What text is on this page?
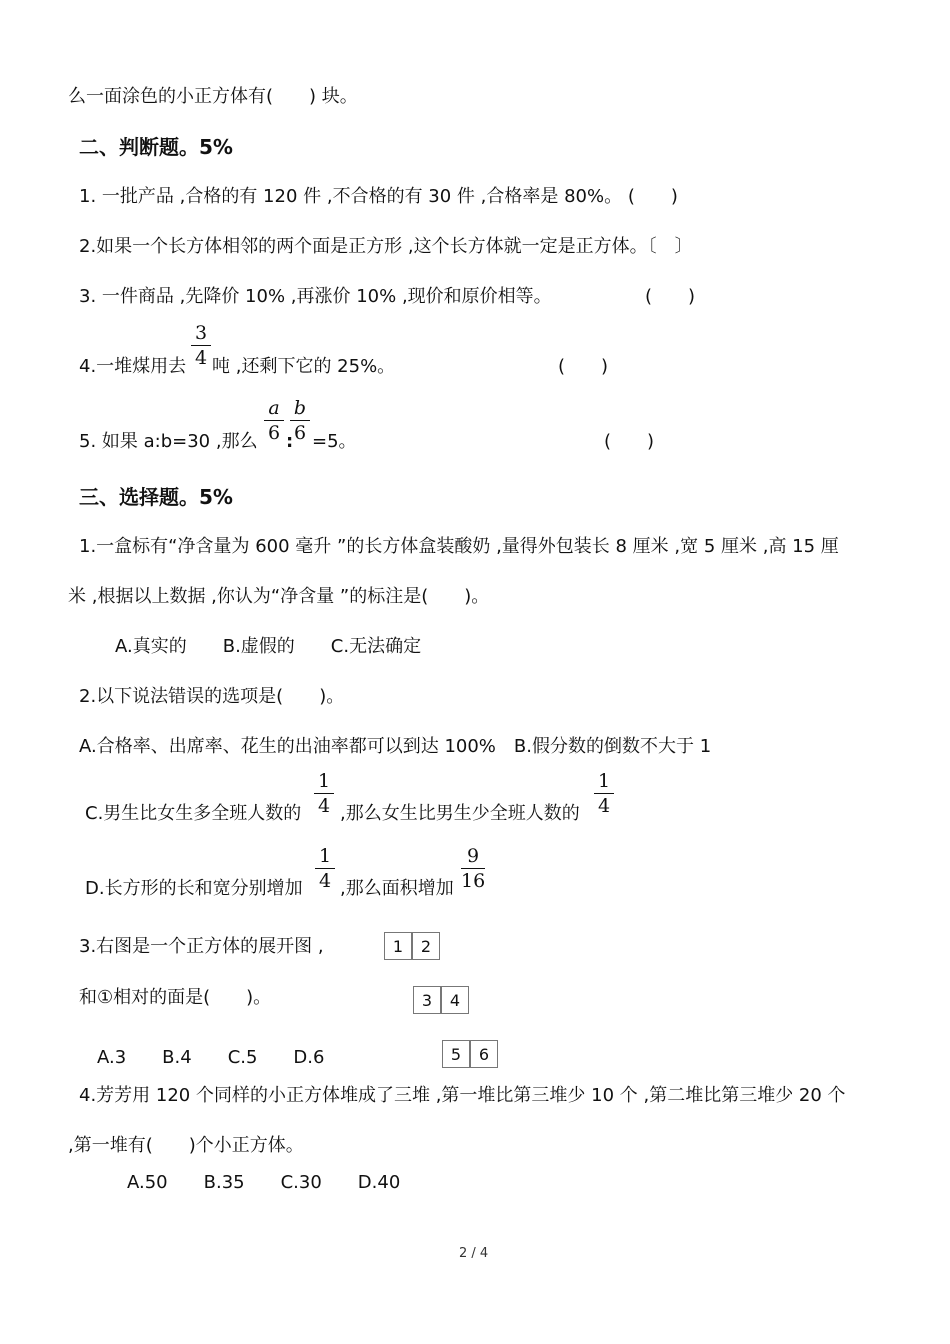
么一面涂色的小正方体有(　　) 块。
二、判断题。5%
1. 一批产品 ,合格的有 120 件 ,不合格的有 30 件 ,合格率是 80%。 (　　)
2.如果一个长方体相邻的两个面是正方形 ,这个长方体就一定是正方体。〔　〕
3. 一件商品 ,先降价 10% ,再涨价 10% ,现价和原价相等。	(　　)
4.一堆煤用去
3
4 吨 ,还剩下它的 25%。	(　　)
5. 如果 a:b=30 ,那么
a
6 :
b
6 =5。	(　　)
三、选择题。5%
1.一盒标有“净含量为 600 毫升 ”的长方体盒装酸奶 ,量得外包装长 8 厘米 ,宽 5 厘米 ,高 15 厘
米 ,根据以上数据 ,你认为“净含量 ”的标注是(　　)。
A.真实的　　B.虚假的　　C.无法确定
2.以下说法错误的选项是(　　)。
A.合格率、出席率、花生的出油率都可以到达 100%　B.假分数的倒数不大于 1
C.男生比女生多全班人数的
1
4 ,那么女生比男生少全班人数的
1
4
D.长方形的长和宽分别增加
1
4 ,那么面积增加
9
16
3.右图是一个正方体的展开图 ,
和①相对的面是(　　)。
A.3　　B.4　　C.5　　D.6
1	2
3	4
5	6
4.芳芳用 120 个同样的小正方体堆成了三堆 ,第一堆比第三堆少 10 个 ,第二堆比第三堆少 20 个
,第一堆有(　　)个小正方体。
A.50　　B.35　　C.30　　D.40
2 / 4
